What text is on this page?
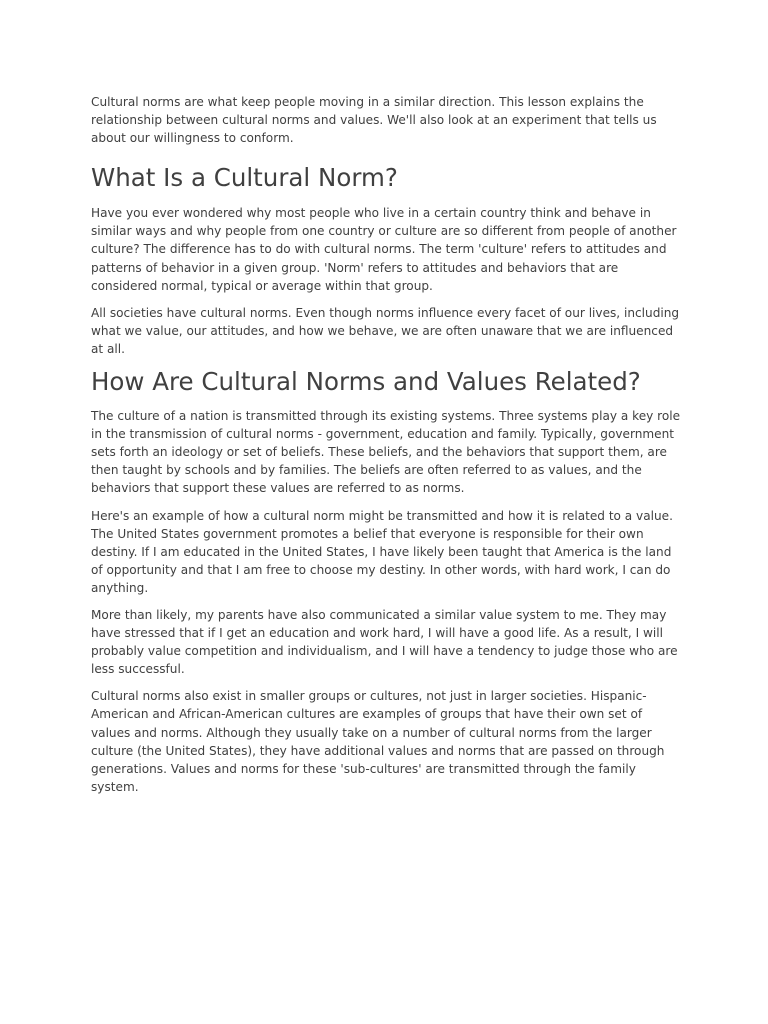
Cultural norms are what keep people moving in a similar direction. This lesson explains the relationship between cultural norms and values. We'll also look at an experiment that tells us about our willingness to conform.

What Is a Cultural Norm?

Have you ever wondered why most people who live in a certain country think and behave in similar ways and why people from one country or culture are so different from people of another culture? The difference has to do with cultural norms. The term 'culture' refers to attitudes and patterns of behavior in a given group. 'Norm' refers to attitudes and behaviors that are considered normal, typical or average within that group.

All societies have cultural norms. Even though norms influence every facet of our lives, including what we value, our attitudes, and how we behave, we are often unaware that we are influenced at all.

How Are Cultural Norms and Values Related?

The culture of a nation is transmitted through its existing systems. Three systems play a key role in the transmission of cultural norms - government, education and family. Typically, government sets forth an ideology or set of beliefs. These beliefs, and the behaviors that support them, are then taught by schools and by families. The beliefs are often referred to as values, and the behaviors that support these values are referred to as norms.

Here's an example of how a cultural norm might be transmitted and how it is related to a value. The United States government promotes a belief that everyone is responsible for their own destiny. If I am educated in the United States, I have likely been taught that America is the land of opportunity and that I am free to choose my destiny. In other words, with hard work, I can do anything.

More than likely, my parents have also communicated a similar value system to me. They may have stressed that if I get an education and work hard, I will have a good life. As a result, I will probably value competition and individualism, and I will have a tendency to judge those who are less successful.

Cultural norms also exist in smaller groups or cultures, not just in larger societies. Hispanic-American and African-American cultures are examples of groups that have their own set of values and norms. Although they usually take on a number of cultural norms from the larger culture (the United States), they have additional values and norms that are passed on through generations. Values and norms for these 'sub-cultures' are transmitted through the family system.
